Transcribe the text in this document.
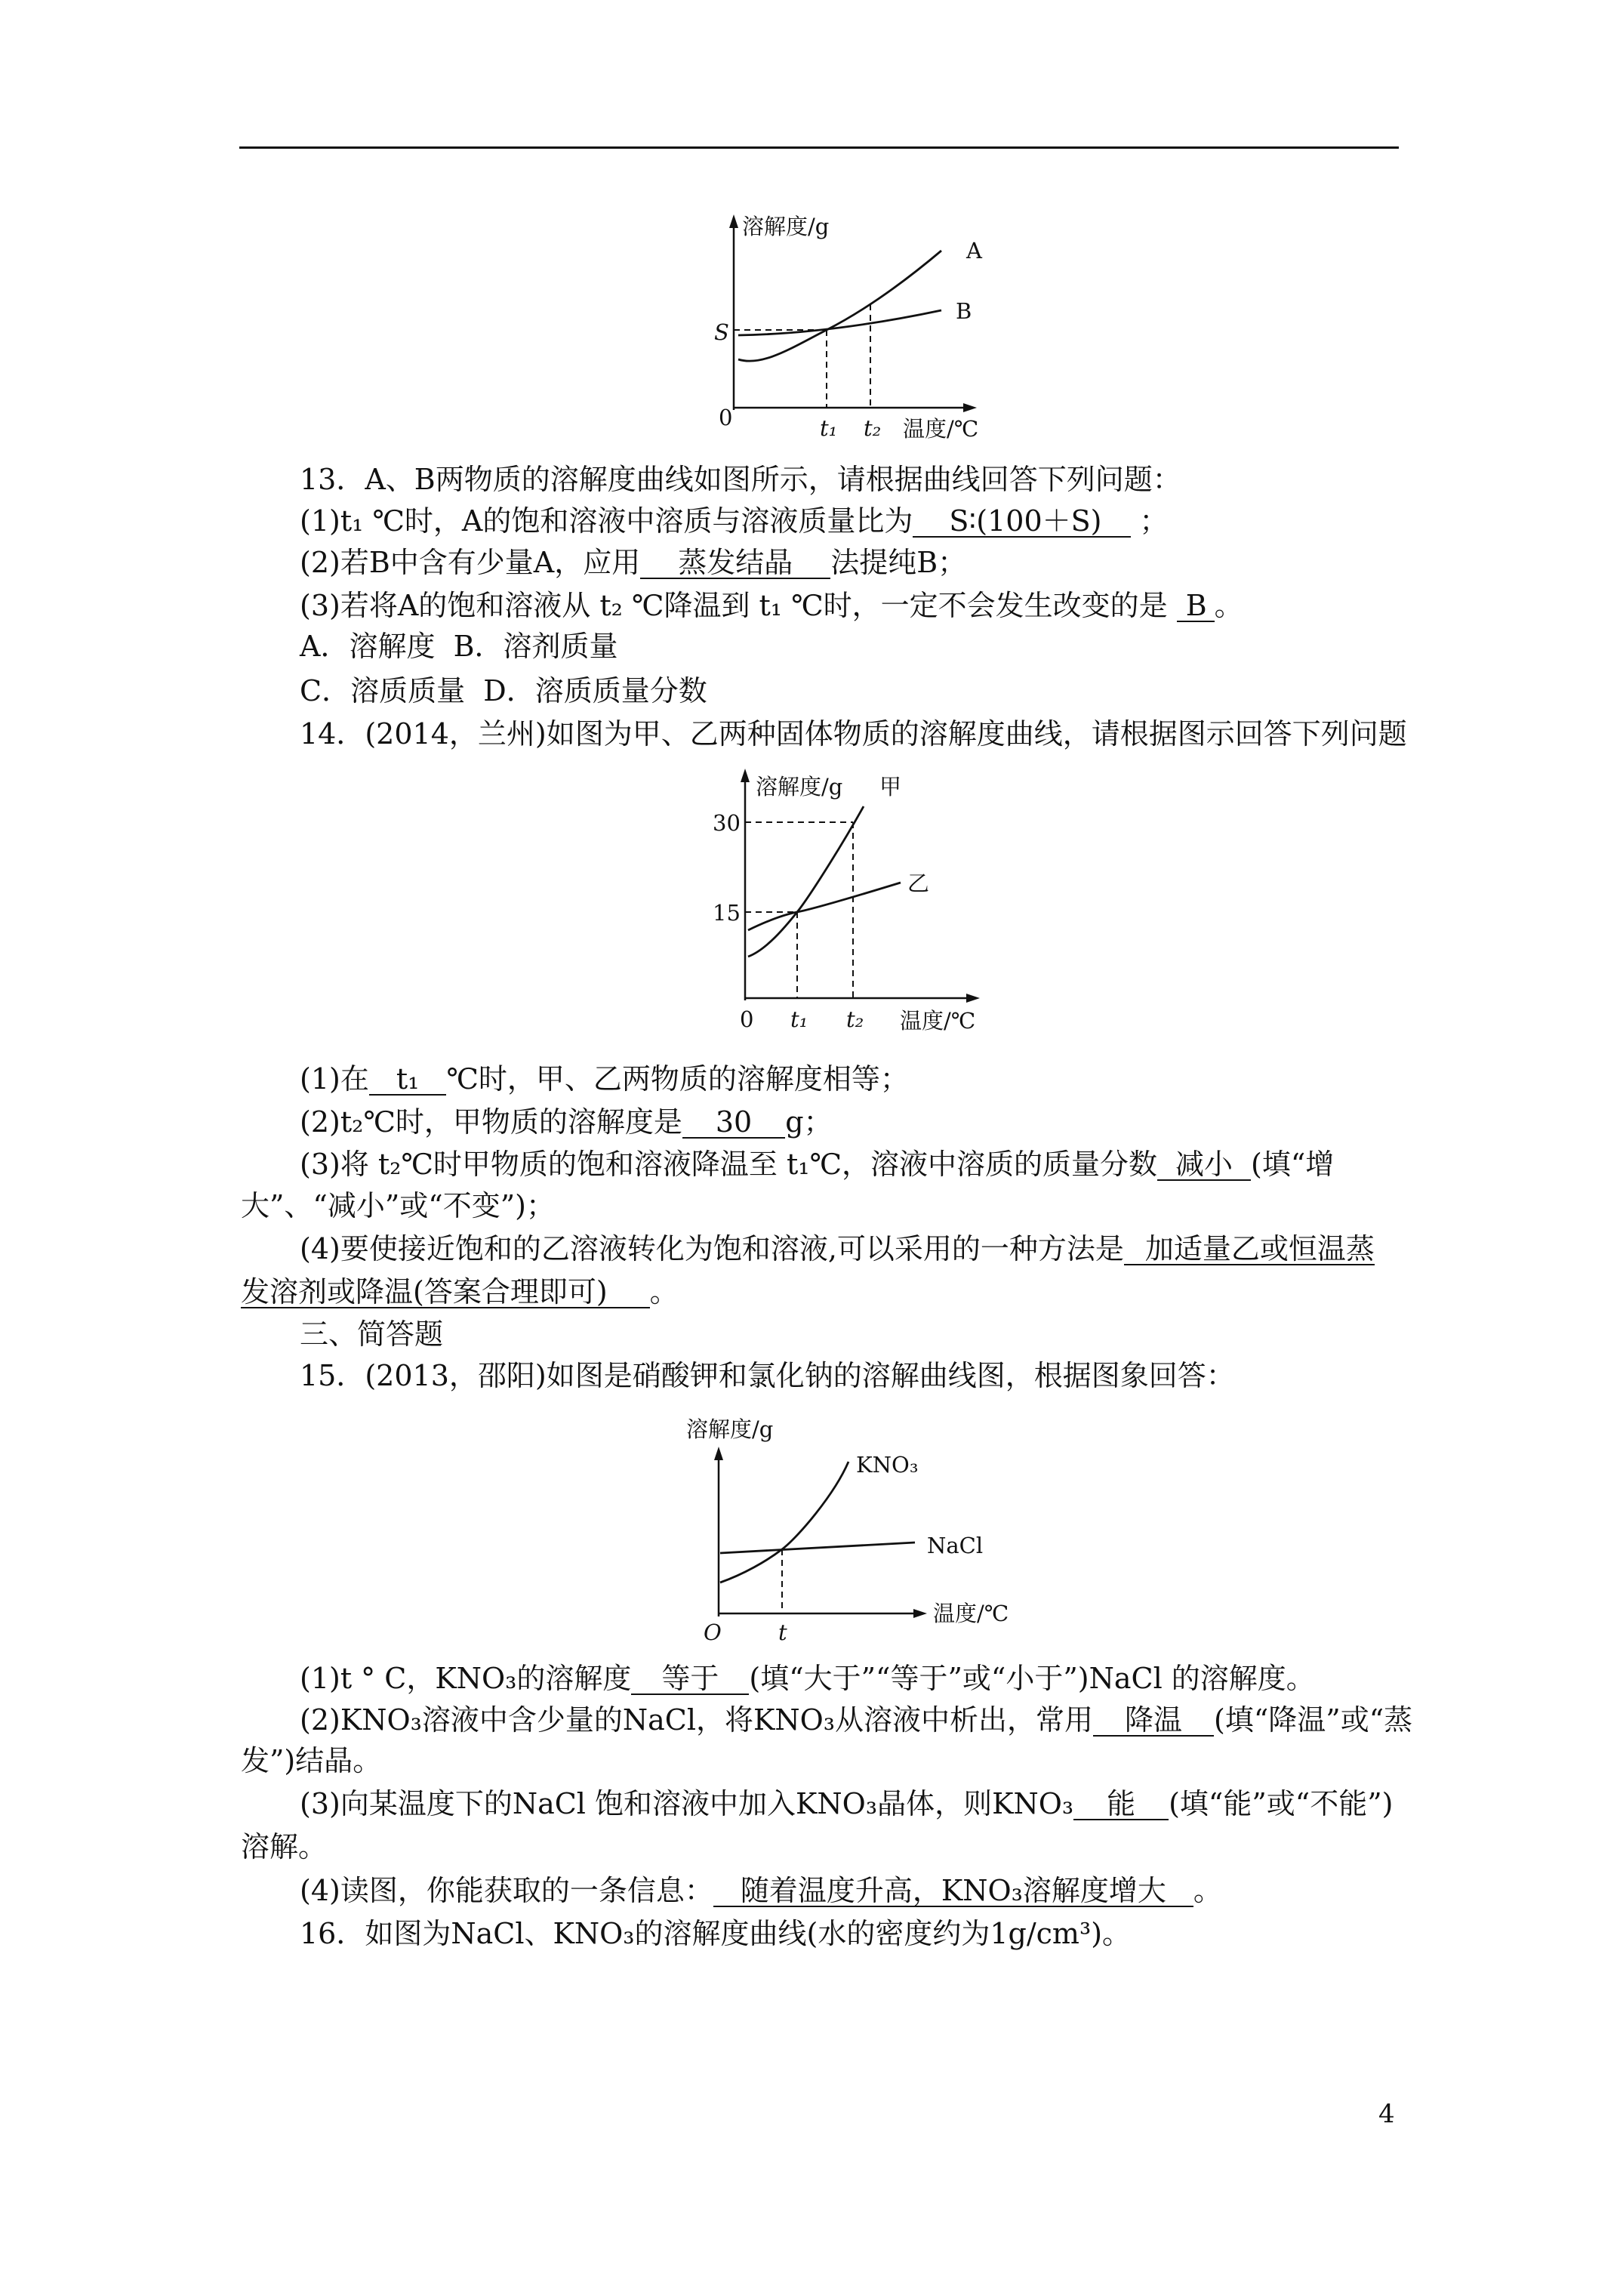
溶解度/g
A
B
S
0	t₁ t₂ 温度/℃
13．A、B两物质的溶解度曲线如图所示，请根据曲线回答下列问题：
(1)t₁ ℃时，A的饱和溶液中溶质与溶液质量比为 S∶(100＋S) ；
(2)若B中含有少量A，应用 蒸发结晶 法提纯B；
(3)若将A的饱和溶液从 t₂ ℃降温到 t₁ ℃时，一定不会发生改变的是 B 。
A．溶解度  B．溶剂质量
C．溶质质量  D．溶质质量分数
14．(2014，兰州)如图为甲、乙两种固体物质的溶解度曲线，请根据图示回答下列问题
溶解度/g 甲
30
15
乙
0 t₁ t₂ 温度/℃
(1)在 t₁ ℃时，甲、乙两物质的溶解度相等；
(2)t₂℃时，甲物质的溶解度是 30 g；
(3)将 t₂℃时甲物质的饱和溶液降温至 t₁℃，溶液中溶质的质量分数 减小 (填“增
大”、“减小”或“不变”)；
(4)要使接近饱和的乙溶液转化为饱和溶液,可以采用的一种方法是 加适量乙或恒温蒸
发溶剂或降温(答案合理即可) 。
三、简答题
15．(2013，邵阳)如图是硝酸钾和氯化钠的溶解曲线图，根据图象回答：
溶解度/g
KNO₃
NaCl
温度/℃
O	t
(1)t ° C，KNO₃的溶解度 等于 (填“大于”“等于”或“小于”)NaCl 的溶解度。
(2)KNO₃溶液中含少量的NaCl，将KNO₃从溶液中析出，常用 降温 (填“降温”或“蒸
发”)结晶。
(3)向某温度下的NaCl 饱和溶液中加入KNO₃晶体，则KNO₃ 能 (填“能”或“不能”)
溶解。
(4)读图，你能获取的一条信息： 随着温度升高，KNO₃溶解度增大 。
16．如图为NaCl、KNO₃的溶解度曲线(水的密度约为1g/cm³)。
4
